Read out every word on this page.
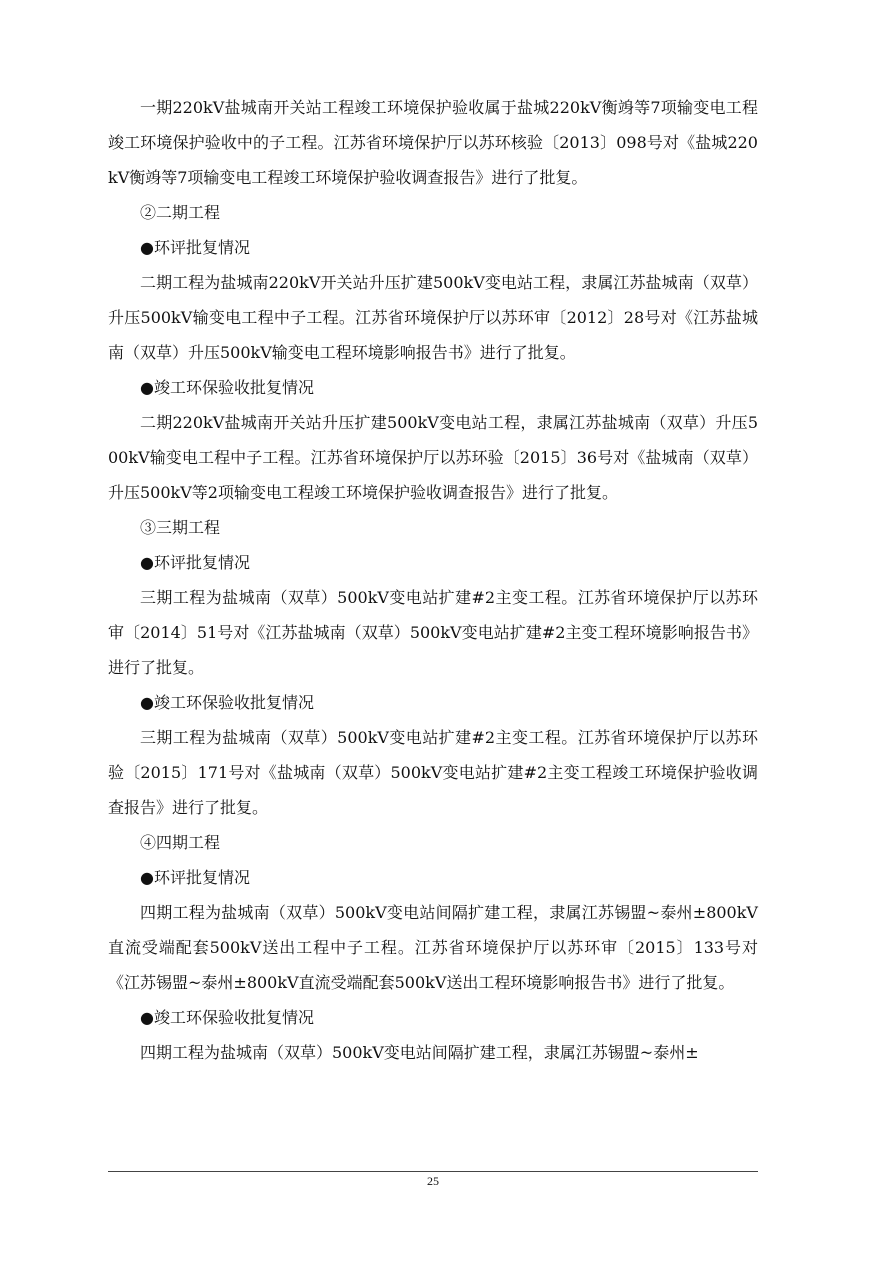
一期220kV盐城南开关站工程竣工环境保护验收属于盐城220kV衡竧等7项输变电工程竣工环境保护验收中的子工程。江苏省环境保护厅以苏环核验〔2013〕098号对《盐城220kV衡竧等7项输变电工程竣工环境保护验收调查报告》进行了批复。

②二期工程

●环评批复情况

二期工程为盐城南220kV开关站升压扩建500kV变电站工程，隶属江苏盐城南（双草）升压500kV输变电工程中子工程。江苏省环境保护厅以苏环审〔2012〕28号对《江苏盐城南（双草）升压500kV输变电工程环境影响报告书》进行了批复。

●竣工环保验收批复情况

二期220kV盐城南开关站升压扩建500kV变电站工程，隶属江苏盐城南（双草）升压500kV输变电工程中子工程。江苏省环境保护厅以苏环验〔2015〕36号对《盐城南（双草）升压500kV等2项输变电工程竣工环境保护验收调查报告》进行了批复。

③三期工程

●环评批复情况

三期工程为盐城南（双草）500kV变电站扩建#2主变工程。江苏省环境保护厅以苏环审〔2014〕51号对《江苏盐城南（双草）500kV变电站扩建#2主变工程环境影响报告书》进行了批复。

●竣工环保验收批复情况

三期工程为盐城南（双草）500kV变电站扩建#2主变工程。江苏省环境保护厅以苏环验〔2015〕171号对《盐城南（双草）500kV变电站扩建#2主变工程竣工环境保护验收调查报告》进行了批复。

④四期工程

●环评批复情况

四期工程为盐城南（双草）500kV变电站间隔扩建工程，隶属江苏锡盟~泰州±800kV直流受端配套500kV送出工程中子工程。江苏省环境保护厅以苏环审〔2015〕133号对《江苏锡盟~泰州±800kV直流受端配套500kV送出工程环境影响报告书》进行了批复。

●竣工环保验收批复情况

四期工程为盐城南（双草）500kV变电站间隔扩建工程，隶属江苏锡盟~泰州±

25
